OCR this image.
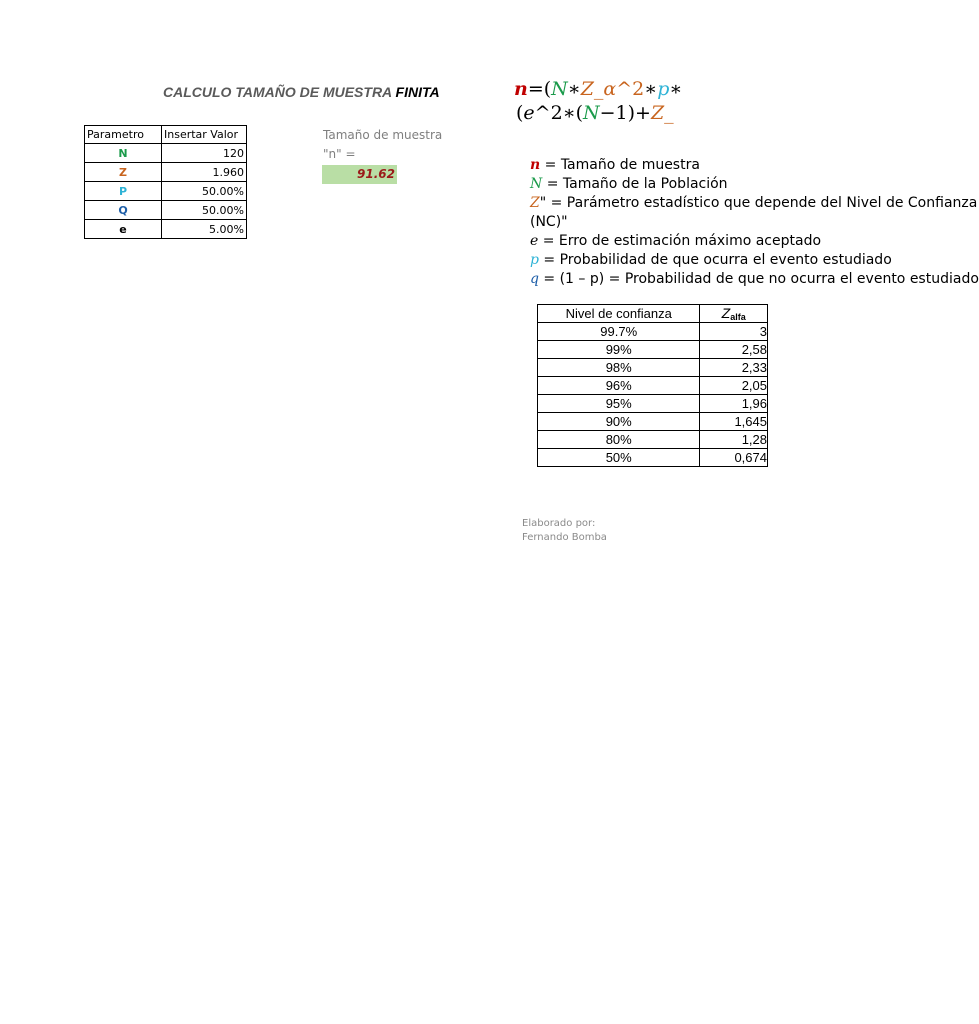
CALCULO TAMAÑO DE MUESTRA FINITA
Parametro	Insertar Valor
N	120
Z	1.960
P	50.00%
Q	50.00%
e	5.00%
Tamaño de muestra
"n" =
91.62
n=(N∗Z_α^2∗p∗
(e^2∗(N−1)+Z_
n = Tamaño de muestra
N = Tamaño de la Población
Z" = Parámetro estadístico que depende del Nivel de Confianza
(NC)"
e = Erro de estimación máximo aceptado
p = Probabilidad de que ocurra el evento estudiado
q = (1 – p) = Probabilidad de que no ocurra el evento estudiado
Nivel de confianza	$Z_{alfa}$
99.7%	3
99%	2,58
98%	2,33
96%	2,05
95%	1,96
90%	1,645
80%	1,28
50%	0,674
Elaborado por:
Fernando Bomba
